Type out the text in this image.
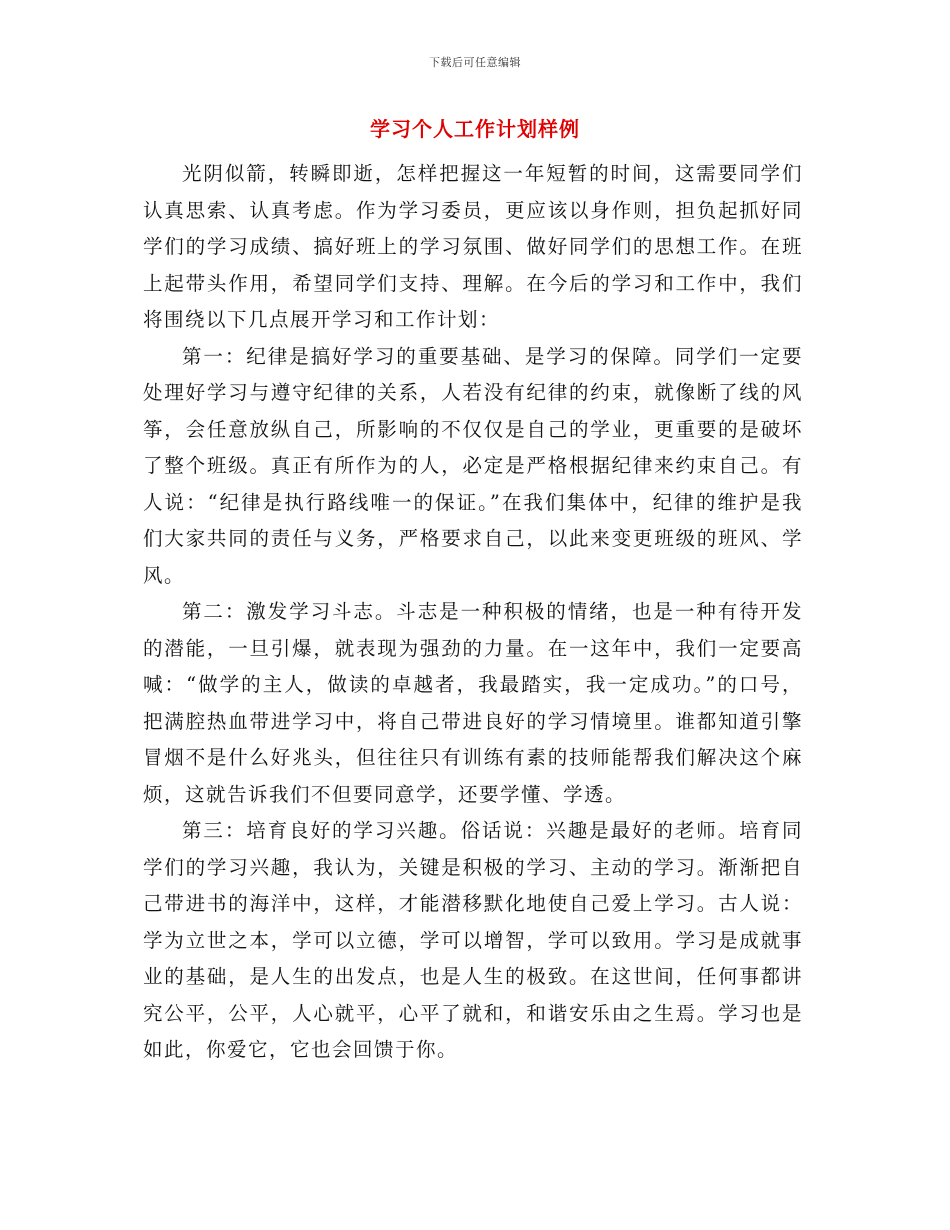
下载后可任意编辑
学习个人工作计划样例

光阴似箭，转瞬即逝，怎样把握这一年短暂的时间，这需要同学们认真思索、认真考虑。作为学习委员，更应该以身作则，担负起抓好同学们的学习成绩、搞好班上的学习氛围、做好同学们的思想工作。在班上起带头作用，希望同学们支持、理解。在今后的学习和工作中，我们将围绕以下几点展开学习和工作计划：

第一：纪律是搞好学习的重要基础、是学习的保障。同学们一定要处理好学习与遵守纪律的关系，人若没有纪律的约束，就像断了线的风筝，会任意放纵自己，所影响的不仅仅是自己的学业，更重要的是破坏了整个班级。真正有所作为的人，必定是严格根据纪律来约束自己。有人说：“纪律是执行路线唯一的保证。”在我们集体中，纪律的维护是我们大家共同的责任与义务，严格要求自己，以此来变更班级的班风、学风。

第二：激发学习斗志。斗志是一种积极的情绪，也是一种有待开发的潜能，一旦引爆，就表现为强劲的力量。在一这年中，我们一定要高喊：“做学的主人，做读的卓越者，我最踏实，我一定成功。”的口号，把满腔热血带进学习中，将自己带进良好的学习情境里。谁都知道引擎冒烟不是什么好兆头，但往往只有训练有素的技师能帮我们解决这个麻烦，这就告诉我们不但要同意学，还要学懂、学透。

第三：培育良好的学习兴趣。俗话说：兴趣是最好的老师。培育同学们的学习兴趣，我认为，关键是积极的学习、主动的学习。渐渐把自己带进书的海洋中，这样，才能潜移默化地使自己爱上学习。古人说：学为立世之本，学可以立德，学可以增智，学可以致用。学习是成就事业的基础，是人生的出发点，也是人生的极致。在这世间，任何事都讲究公平，公平，人心就平，心平了就和，和谐安乐由之生焉。学习也是如此，你爱它，它也会回馈于你。
